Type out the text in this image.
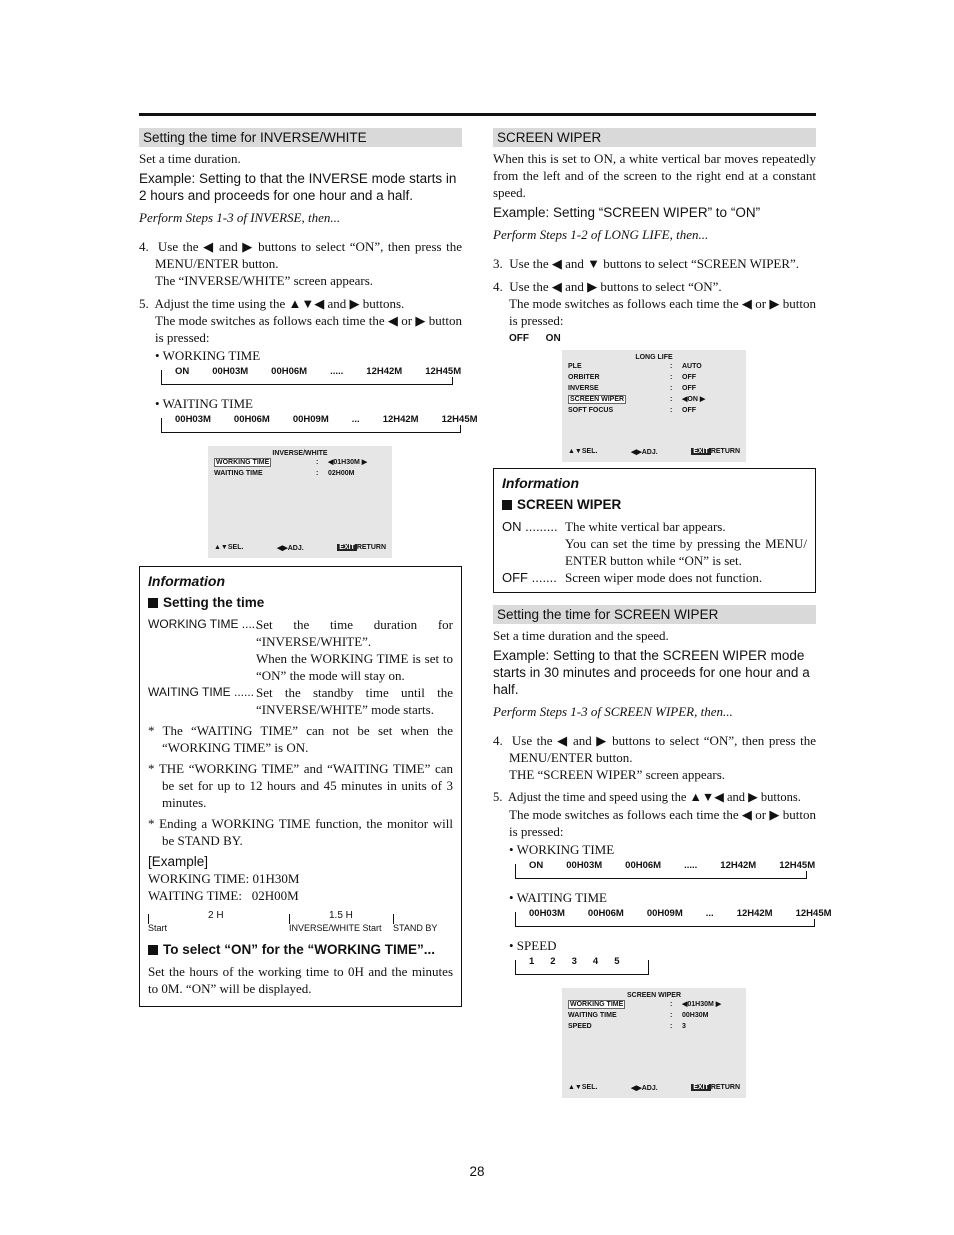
Setting the time for INVERSE/WHITE
Set a time duration.
Example: Setting to that the INVERSE mode starts in 2 hours and proceeds for one hour and a half.
Perform Steps 1-3 of INVERSE, then...
4. Use the ◀ and ▶ buttons to select “ON”, then press the MENU/ENTER button.
The “INVERSE/WHITE” screen appears.
5. Adjust the time using the ▲▼◀ and ▶ buttons.
The mode switches as follows each time the ◀ or ▶ button is pressed:
• WORKING TIME
ON 00H03M 00H06M ..... 12H42M 12H45M
• WAITING TIME
00H03M 00H06M 00H09M ... 12H42M 12H45M
INVERSE/WHITE
WORKING TIME	:	◀01H30M ▶
WAITING TIME	:	02H00M
▲▼SEL.	◀▶ADJ.	EXIT RETURN
Information
Setting the time
WORKING TIME .....
Set the time duration for “INVERSE/WHITE”.
When the WORKING TIME is set to “ON” the mode will stay on.
WAITING TIME ...... Set the standby time until the “INVERSE/WHITE” mode starts.
* The “WAITING TIME” can not be set when the “WORKING TIME” is ON.
* THE “WORKING TIME” and “WAITING TIME” can be set for up to 12 hours and 45 minutes in units of 3 minutes.
* Ending a WORKING TIME function, the monitor will be STAND BY.
[Example]
WORKING TIME: 01H30M
WAITING TIME:   02H00M
2 H	1.5 H
Start	INVERSE/WHITE Start STAND BY
To select “ON” for the “WORKING TIME”...
Set the hours of the working time to 0H and the minutes to 0M. “ON” will be displayed.
SCREEN WIPER
When this is set to ON, a white vertical bar moves repeatedly from the left and of the screen to the right end at a constant speed.
Example: Setting “SCREEN WIPER” to “ON”
Perform Steps 1-2 of LONG LIFE, then...
3. Use the ◀ and ▼ buttons to select “SCREEN WIPER”.
4. Use the ◀ and ▶ buttons to select “ON”.
The mode switches as follows each time the ◀ or ▶ button is pressed:
OFF ON
LONG LIFE
PLE	:	AUTO
ORBITER	:	OFF
INVERSE	:	OFF
SCREEN WIPER	:	◀ON ▶
SOFT FOCUS	:	OFF
▲▼SEL.	◀▶ADJ.	EXIT RETURN
Information
SCREEN WIPER
ON ......... The white vertical bar appears.
You can set the time by pressing the MENU/ ENTER button while “ON” is set.
OFF ....... Screen wiper mode does not function.
Setting the time for SCREEN WIPER
Set a time duration and the speed.
Example: Setting to that the SCREEN WIPER mode starts in 30 minutes and proceeds for one hour and a half.
Perform Steps 1-3 of SCREEN WIPER, then...
4. Use the ◀ and ▶ buttons to select “ON”, then press the MENU/ENTER button.
THE “SCREEN WIPER” screen appears.
5. Adjust the time and speed using the ▲▼◀ and ▶ buttons.
The mode switches as follows each time the ◀ or ▶ button is pressed:
• WORKING TIME
ON 00H03M 00H06M ..... 12H42M 12H45M
• WAITING TIME
00H03M 00H06M 00H09M ... 12H42M 12H45M
• SPEED
1 2 3 4 5
SCREEN WIPER
WORKING TIME	:	◀01H30M ▶
WAITING TIME	:	00H30M
SPEED	:	3
▲▼SEL.	◀▶ADJ.	EXIT RETURN
28
